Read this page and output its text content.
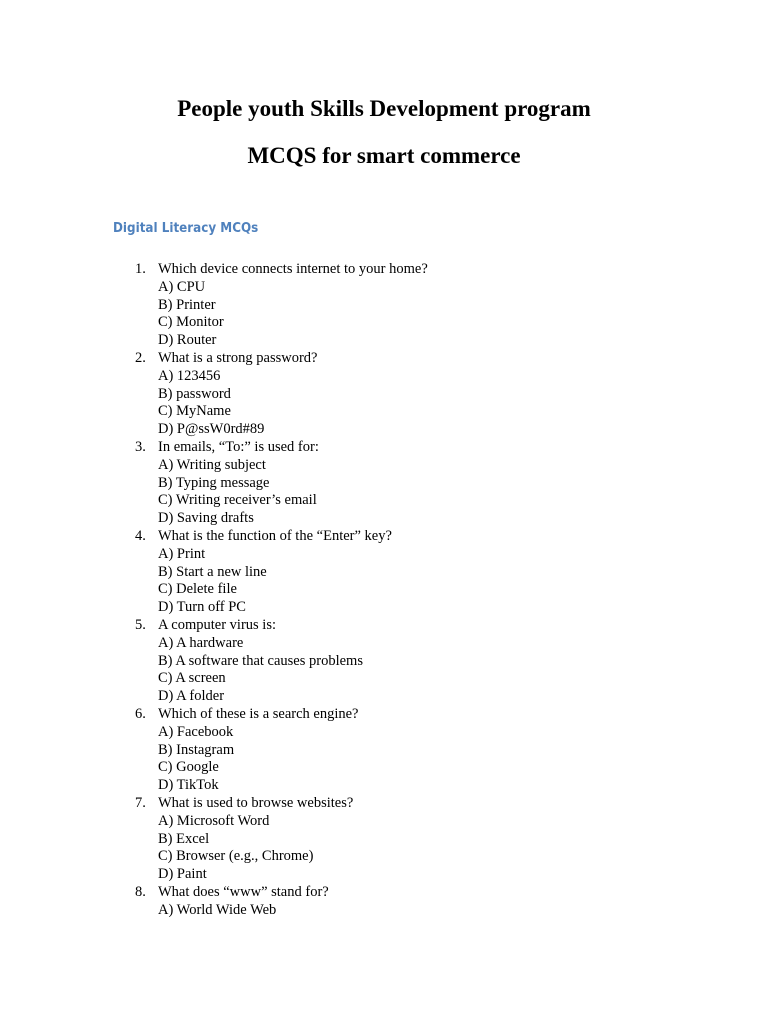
People youth Skills Development program
MCQS for smart commerce
Digital Literacy MCQs
1. Which device connects internet to your home?
A) CPU
B) Printer
C) Monitor
D) Router
2. What is a strong password?
A) 123456
B) password
C) MyName
D) P@ssW0rd#89
3. In emails, “To:” is used for:
A) Writing subject
B) Typing message
C) Writing receiver’s email
D) Saving drafts
4. What is the function of the “Enter” key?
A) Print
B) Start a new line
C) Delete file
D) Turn off PC
5. A computer virus is:
A) A hardware
B) A software that causes problems
C) A screen
D) A folder
6. Which of these is a search engine?
A) Facebook
B) Instagram
C) Google
D) TikTok
7. What is used to browse websites?
A) Microsoft Word
B) Excel
C) Browser (e.g., Chrome)
D) Paint
8. What does “www” stand for?
A) World Wide Web
